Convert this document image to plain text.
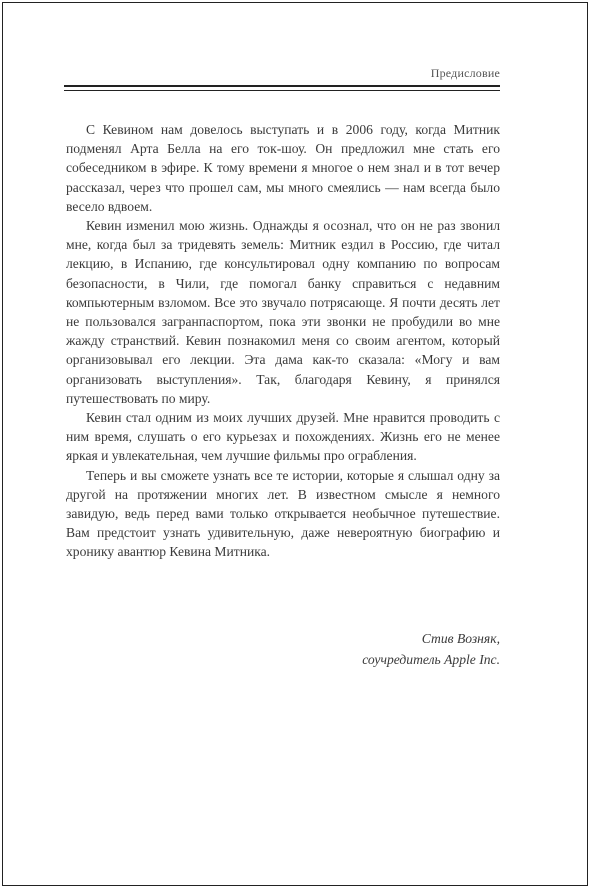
Предисловие

С Кевином нам довелось выступать и в 2006 году, когда Митник подменял Арта Белла на его ток-шоу. Он предложил мне стать его собеседником в эфире. К тому времени я многое о нем знал и в тот вечер рассказал, через что прошел сам, мы много смеялись — нам всегда было весело вдвоем.

Кевин изменил мою жизнь. Однажды я осознал, что он не раз звонил мне, когда был за тридевять земель: Митник ездил в Россию, где читал лекцию, в Испанию, где консультировал одну компанию по вопросам безопасности, в Чили, где помогал банку справиться с недавним компьютерным взломом. Все это звучало потрясающе. Я почти десять лет не пользовался загранпаспортом, пока эти звонки не пробудили во мне жажду странствий. Кевин познакомил меня со своим агентом, который организовывал его лекции. Эта дама как-то сказала: «Могу и вам организовать выступления». Так, благодаря Кевину, я принялся путешествовать по миру.

Кевин стал одним из моих лучших друзей. Мне нравится проводить с ним время, слушать о его курьезах и похождениях. Жизнь его не менее яркая и увлекательная, чем лучшие фильмы про ограбления.

Теперь и вы сможете узнать все те истории, которые я слышал одну за другой на протяжении многих лет. В известном смысле я немного завидую, ведь перед вами только открывается необычное путешествие. Вам предстоит узнать удивительную, даже невероятную биографию и хронику авантюр Кевина Митника.

Стив Возняк,
соучредитель Apple Inc.
